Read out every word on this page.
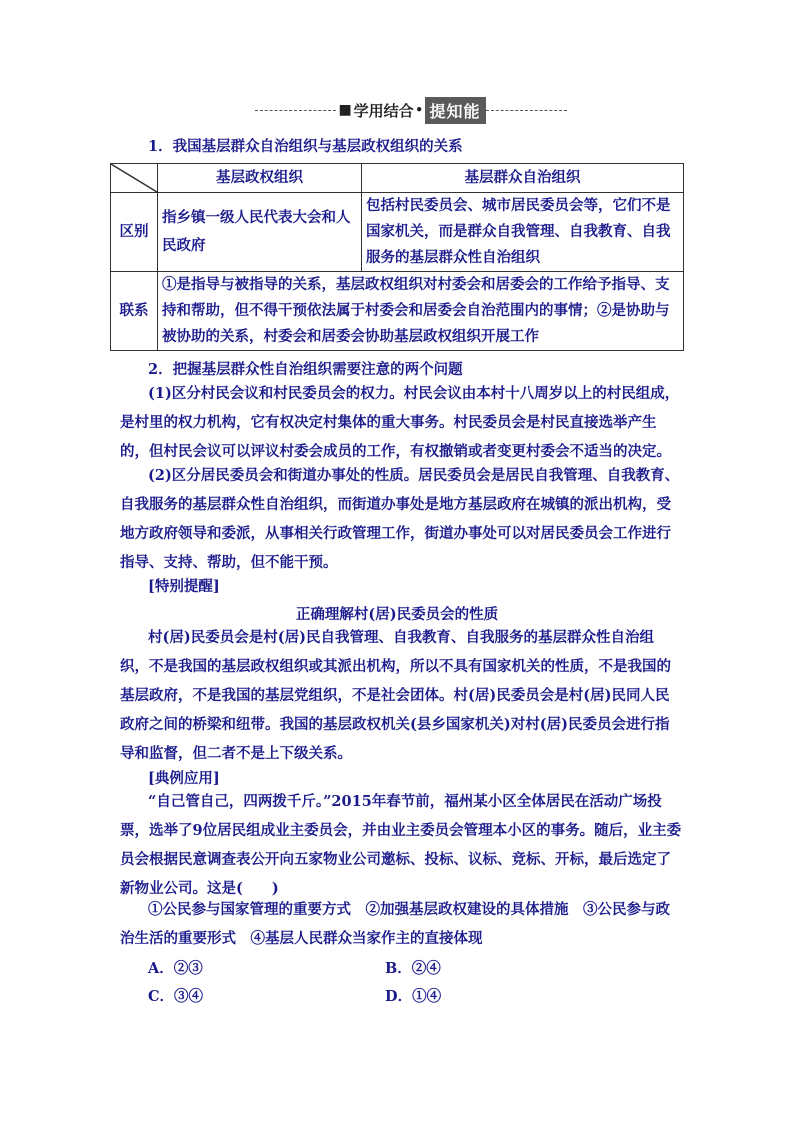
■ 学用结合 • 提知能
1．我国基层群众自治组织与基层政权组织的关系
	基层政权组织	基层群众自治组织
区别	指乡镇一级人民代表大会和人民政府	包括村民委员会、城市居民委员会等，它们不是国家机关，而是群众自我管理、自我教育、自我服务的基层群众性自治组织
联系	①是指导与被指导的关系，基层政权组织对村委会和居委会的工作给予指导、支持和帮助，但不得干预依法属于村委会和居委会自治范围内的事情；②是协助与被协助的关系，村委会和居委会协助基层政权组织开展工作	
2．把握基层群众性自治组织需要注意的两个问题
(1)区分村民会议和村民委员会的权力。村民会议由本村十八周岁以上的村民组成，是村里的权力机构，它有权决定村集体的重大事务。村民委员会是村民直接选举产生的，但村民会议可以评议村委会成员的工作，有权撤销或者变更村委会不适当的决定。
(2)区分居民委员会和街道办事处的性质。居民委员会是居民自我管理、自我教育、自我服务的基层群众性自治组织，而街道办事处是地方基层政府在城镇的派出机构，受地方政府领导和委派，从事相关行政管理工作，街道办事处可以对居民委员会工作进行指导、支持、帮助，但不能干预。
[特别提醒]
正确理解村(居)民委员会的性质
村(居)民委员会是村(居)民自我管理、自我教育、自我服务的基层群众性自治组织，不是我国的基层政权组织或其派出机构，所以不具有国家机关的性质，不是我国的基层政府，不是我国的基层党组织，不是社会团体。村(居)民委员会是村(居)民同人民政府之间的桥梁和纽带。我国的基层政权机关(县乡国家机关)对村(居)民委员会进行指导和监督，但二者不是上下级关系。
[典例应用]
“自己管自己，四两拨千斤。”2015年春节前，福州某小区全体居民在活动广场投票，选举了9位居民组成业主委员会，并由业主委员会管理本小区的事务。随后，业主委员会根据民意调查表公开向五家物业公司邀标、投标、议标、竞标、开标，最后选定了新物业公司。这是(　　)
①公民参与国家管理的重要方式　②加强基层政权建设的具体措施　③公民参与政治生活的重要形式　④基层人民群众当家作主的直接体现
A．②③	B．②④
C．③④	D．①④
